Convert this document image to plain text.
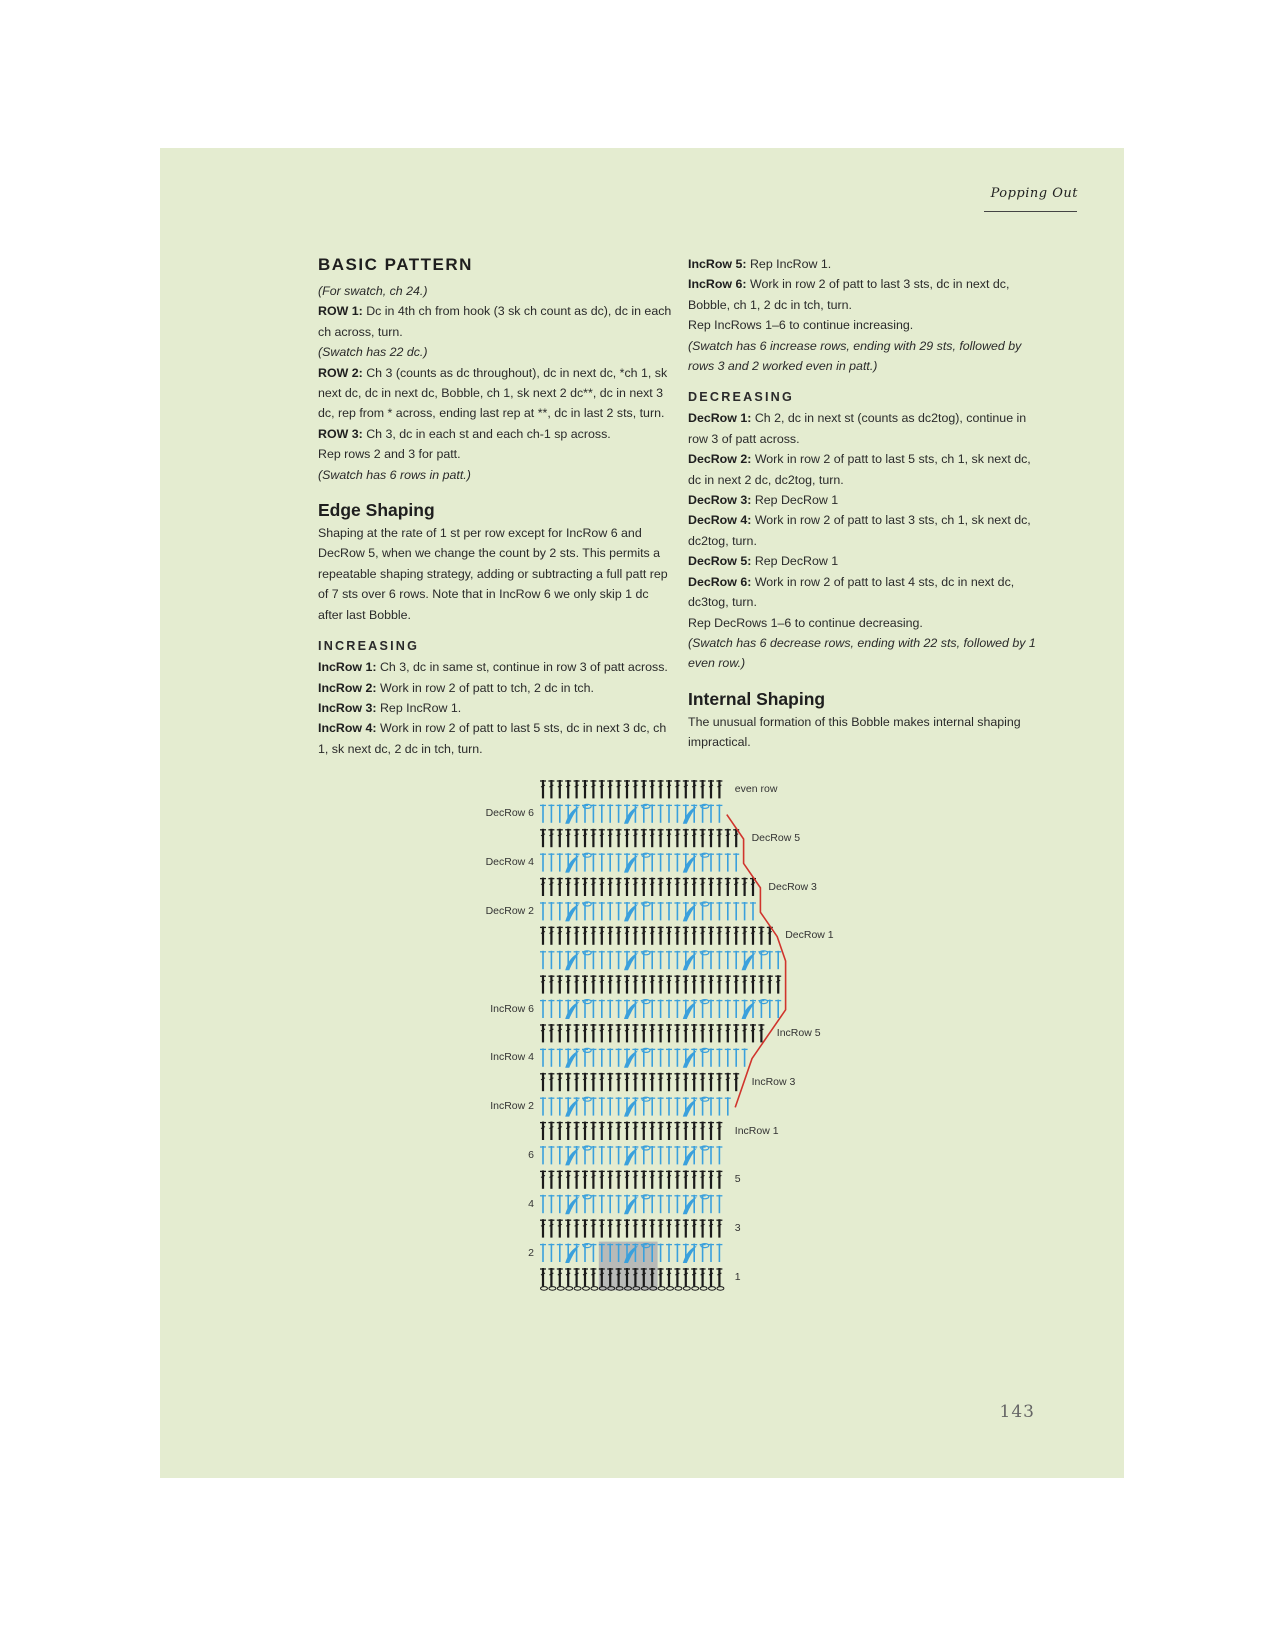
Popping Out
BASIC PATTERN

(For swatch, ch 24.)

ROW 1: Dc in 4th ch from hook (3 sk ch count as dc), dc in each ch across, turn.

(Swatch has 22 dc.)

ROW 2: Ch 3 (counts as dc throughout), dc in next dc, *ch 1, sk next dc, dc in next dc, Bobble, ch 1, sk next 2 dc**, dc in next 3 dc, rep from * across, ending last rep at **, dc in last 2 sts, turn.

ROW 3: Ch 3, dc in each st and each ch-1 sp across.

Rep rows 2 and 3 for patt.

(Swatch has 6 rows in patt.)

Edge Shaping

Shaping at the rate of 1 st per row except for IncRow 6 and DecRow 5, when we change the count by 2 sts. This permits a repeatable shaping strategy, adding or subtracting a full patt rep of 7 sts over 6 rows. Note that in IncRow 6 we only skip 1 dc after last Bobble.

INCREASING

IncRow 1: Ch 3, dc in same st, continue in row 3 of patt across.

IncRow 2: Work in row 2 of patt to tch, 2 dc in tch.

IncRow 3: Rep IncRow 1.

IncRow 4: Work in row 2 of patt to last 5 sts, dc in next 3 dc, ch 1, sk next dc, 2 dc in tch, turn.

IncRow 5: Rep IncRow 1.

IncRow 6: Work in row 2 of patt to last 3 sts, dc in next dc, Bobble, ch 1, 2 dc in tch, turn.

Rep IncRows 1–6 to continue increasing.

(Swatch has 6 increase rows, ending with 29 sts, followed by rows 3 and 2 worked even in patt.)

DECREASING

DecRow 1: Ch 2, dc in next st (counts as dc2tog), continue in row 3 of patt across.

DecRow 2: Work in row 2 of patt to last 5 sts, ch 1, sk next dc, dc in next 2 dc, dc2tog, turn.

DecRow 3: Rep DecRow 1

DecRow 4: Work in row 2 of patt to last 3 sts, ch 1, sk next dc, dc2tog, turn.

DecRow 5: Rep DecRow 1

DecRow 6: Work in row 2 of patt to last 4 sts, dc in next dc, dc3tog, turn.

Rep DecRows 1–6 to continue decreasing.

(Swatch has 6 decrease rows, ending with 22 sts, followed by 1 even row.)

Internal Shaping

The unusual formation of this Bobble makes internal shaping impractical.

DecRow 6
DecRow 4
DecRow 2
IncRow 6
IncRow 4
IncRow 2
6
4
2
even row
DecRow 5
DecRow 3
DecRow 1
IncRow 5
IncRow 3
IncRow 1
5
3
1
143
